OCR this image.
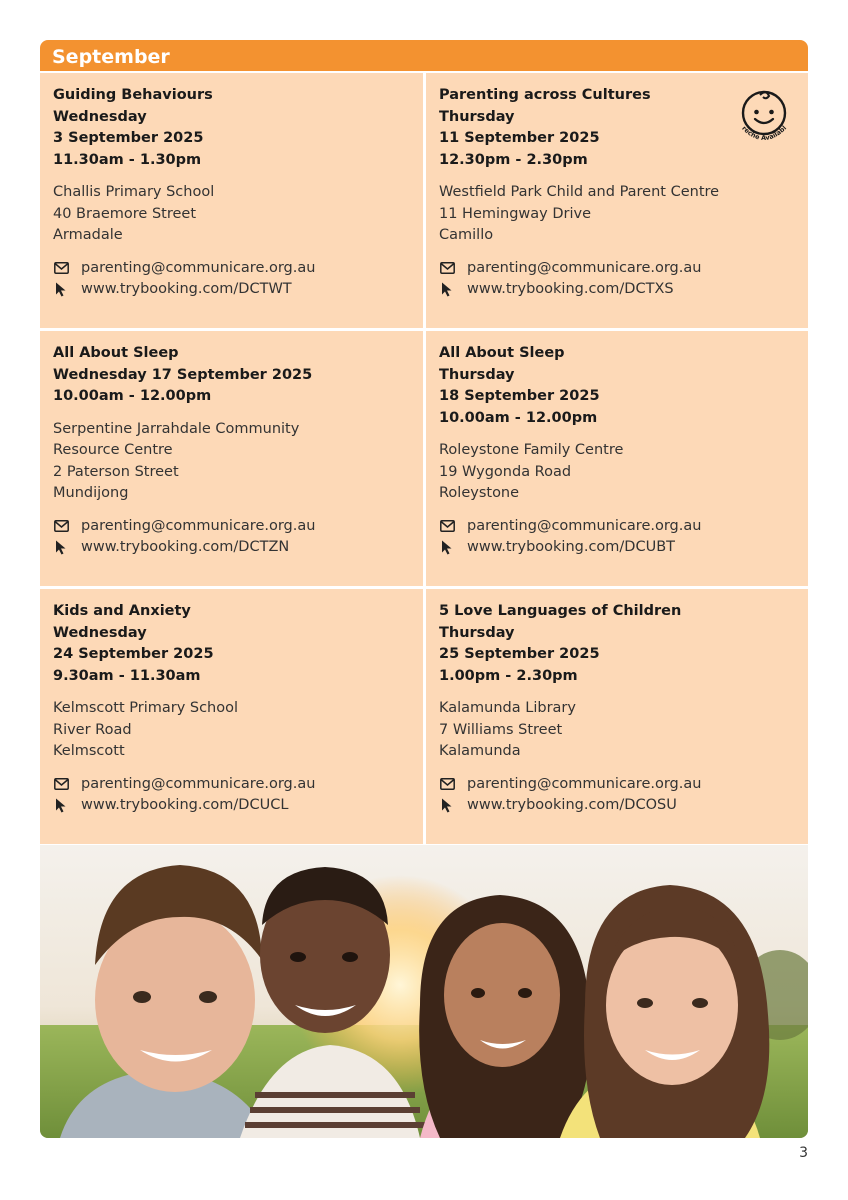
September
Guiding Behaviours
Wednesday
3 September 2025
11.30am - 1.30pm
Challis Primary School
40 Braemore Street
Armadale
parenting@communicare.org.au
www.trybooking.com/DCTWT
Parenting across Cultures
Thursday
11 September 2025
12.30pm - 2.30pm
Westfield Park Child and Parent Centre
11 Hemingway Drive
Camillo
parenting@communicare.org.au
www.trybooking.com/DCTXS
reche Availabl
All About Sleep
Wednesday 17 September 2025
10.00am - 12.00pm
Serpentine Jarrahdale Community
Resource Centre
2 Paterson Street
Mundijong
parenting@communicare.org.au
www.trybooking.com/DCTZN
All About Sleep
Thursday
18 September 2025
10.00am - 12.00pm
Roleystone Family Centre
19 Wygonda Road
Roleystone
parenting@communicare.org.au
www.trybooking.com/DCUBT
Kids and Anxiety
Wednesday
24 September 2025
9.30am - 11.30am
Kelmscott Primary School
River Road
Kelmscott
parenting@communicare.org.au
www.trybooking.com/DCUCL
5 Love Languages of Children
Thursday
25 September 2025
1.00pm - 2.30pm
Kalamunda Library
7 Williams Street
Kalamunda
parenting@communicare.org.au
www.trybooking.com/DCOSU
3
